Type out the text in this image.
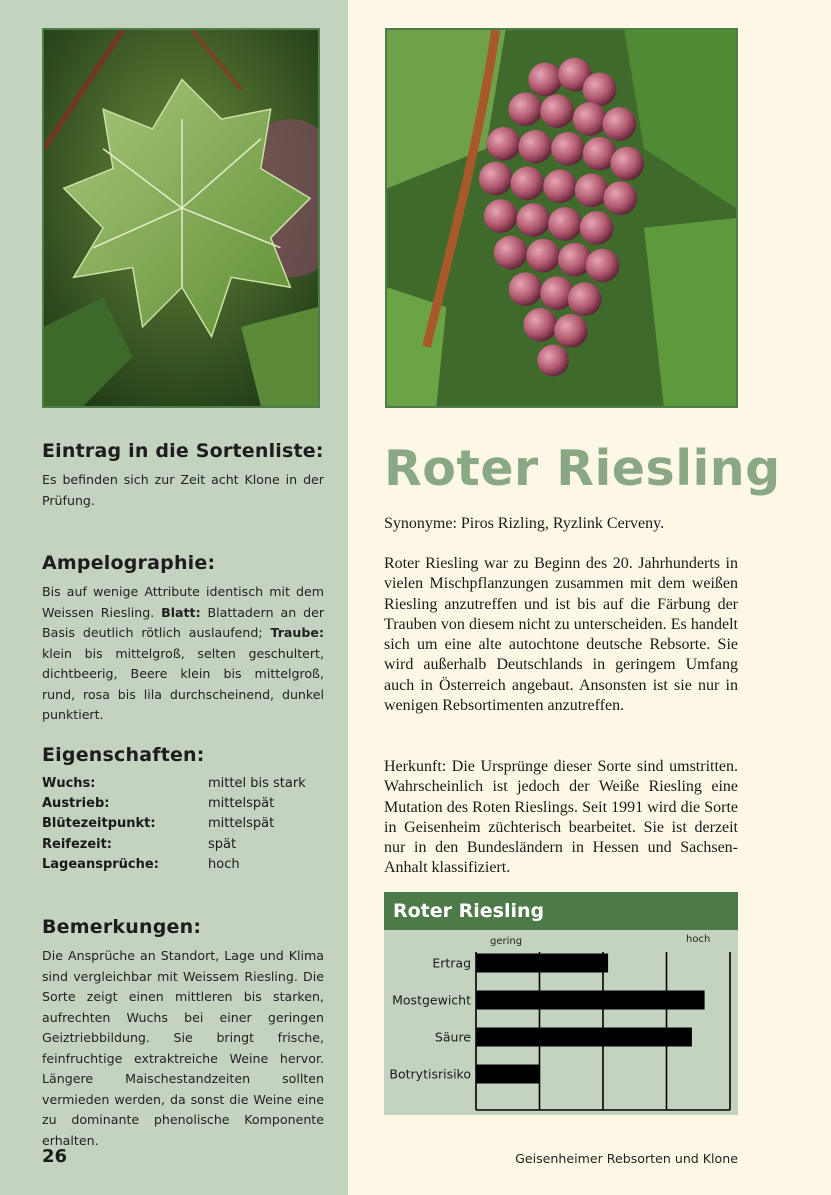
Eintrag in die Sortenliste:

Es befinden sich zur Zeit acht Klone in der Prüfung.

Ampelographie:

Bis auf wenige Attribute identisch mit dem Weissen Riesling. Blatt: Blattadern an der Basis deutlich rötlich auslaufend; Traube: klein bis mittelgroß, selten geschultert, dichtbeerig, Beere klein bis mittelgroß, rund, rosa bis lila durchscheinend, dunkel punktiert.

Eigenschaften:
Wuchs:	mittel bis stark
Austrieb:	mittelspät
Blütezeitpunkt:	mittelspät
Reifezeit:	spät
Lageansprüche:	hoch
Bemerkungen:

Die Ansprüche an Standort, Lage und Klima sind vergleichbar mit Weissem Riesling. Die Sorte zeigt einen mittleren bis starken, aufrechten Wuchs bei einer geringen Geiztriebbildung. Sie bringt frische, feinfruchtige extraktreiche Weine hervor. Längere Maischestandzeiten sollten vermieden werden, da sonst die Weine eine zu dominante phenolische Komponente erhalten.

Roter Riesling

Synonyme: Piros Rizling, Ryzlink Cerveny.

Roter Riesling war zu Beginn des 20. Jahrhunderts in vielen Mischpflanzungen zusammen mit dem weißen Riesling anzutreffen und ist bis auf die Färbung der Trauben von diesem nicht zu unterscheiden. Es handelt sich um eine alte autochtone deutsche Rebsorte. Sie wird außerhalb Deutschlands in geringem Umfang auch in Österreich angebaut. Ansonsten ist sie nur in wenigen Rebsortimenten anzutreffen.

Herkunft: Die Ursprünge dieser Sorte sind umstritten. Wahrscheinlich ist jedoch der Weiße Riesling eine Mutation des Roten Rieslings. Seit 1991 wird die Sorte in Geisenheim züchterisch bearbeitet. Sie ist derzeit nur in den Bundesländern in Hessen und Sachsen-Anhalt klassifiziert.

Roter Riesling
gering	hoch
Ertrag
Mostgewicht
Säure
Botrytisrisiko
26	Geisenheimer Rebsorten und Klone
